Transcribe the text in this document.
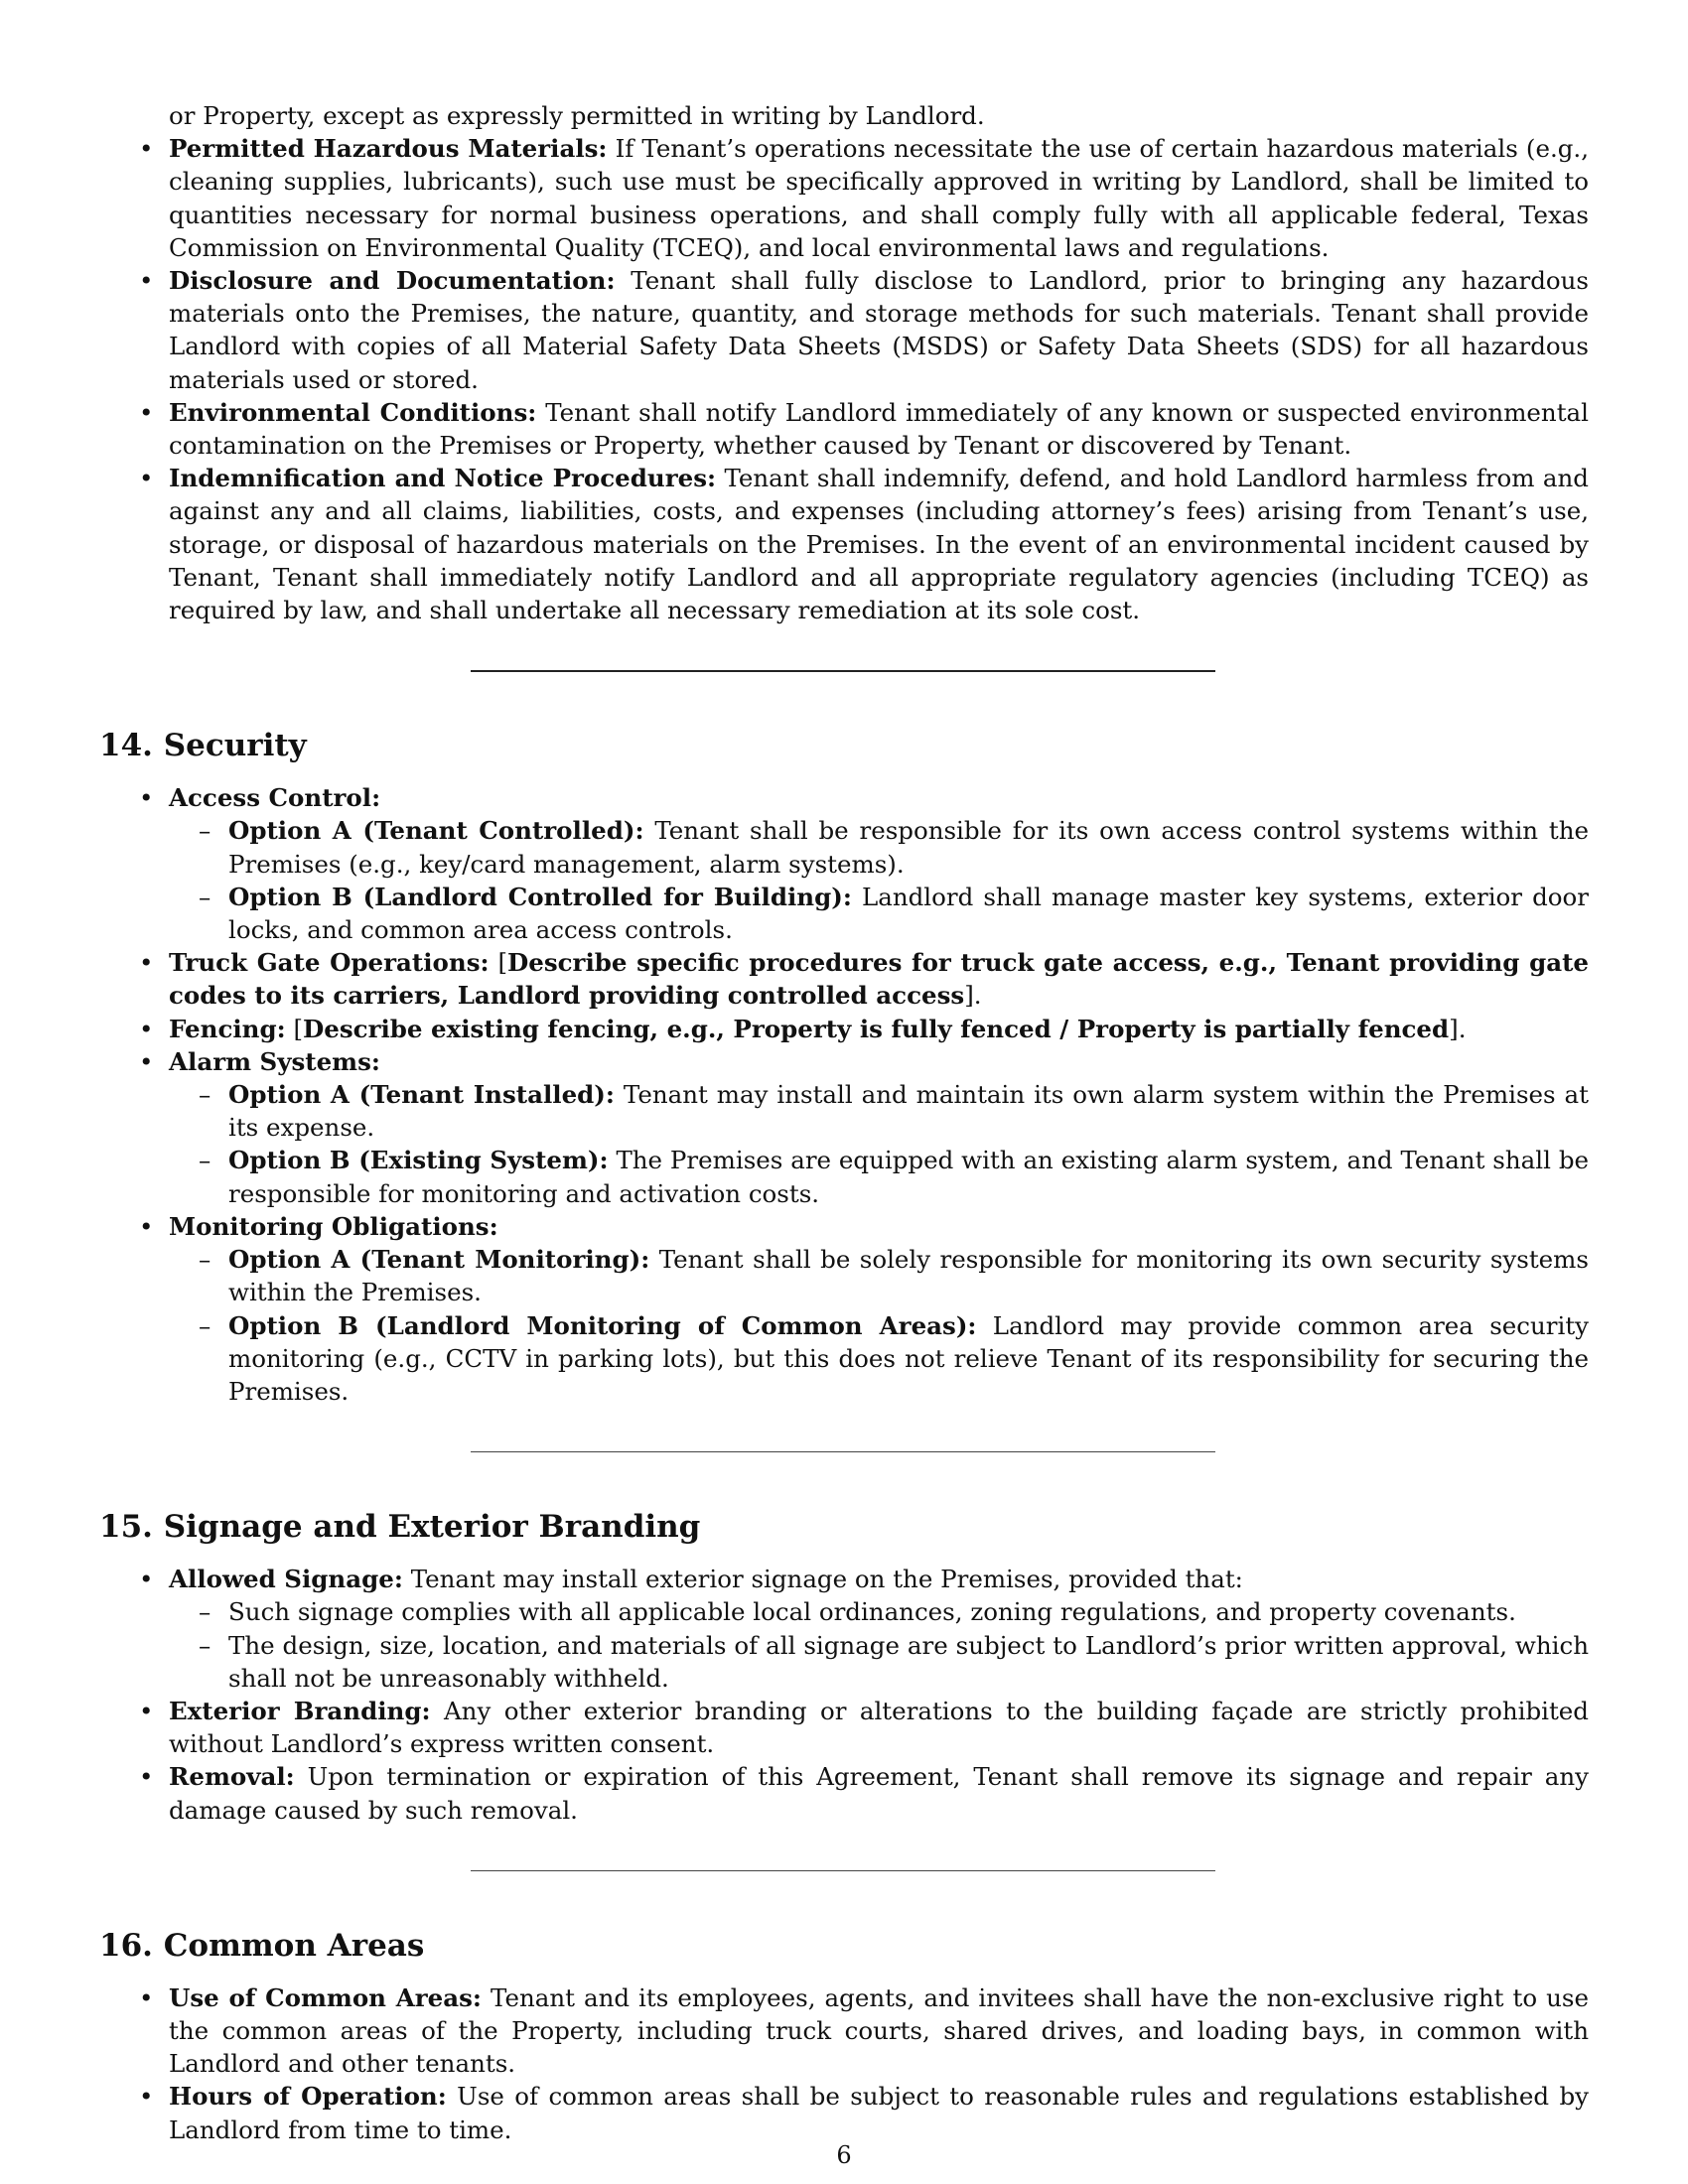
or Property, except as expressly permitted in writing by Landlord.

• Permitted Hazardous Materials: If Tenant’s operations necessitate the use of certain hazardous materials (e.g., cleaning supplies, lubricants), such use must be specifically approved in writing by Landlord, shall be limited to quantities necessary for normal business operations, and shall comply fully with all applicable federal, Texas Commission on Environmental Quality (TCEQ), and local environmental laws and regulations.
• Disclosure and Documentation: Tenant shall fully disclose to Landlord, prior to bringing any hazardous materials onto the Premises, the nature, quantity, and storage methods for such materials. Tenant shall provide Landlord with copies of all Material Safety Data Sheets (MSDS) or Safety Data Sheets (SDS) for all hazardous materials used or stored.
• Environmental Conditions: Tenant shall notify Landlord immediately of any known or suspected environmental contamination on the Premises or Property, whether caused by Tenant or discovered by Tenant.
• Indemnification and Notice Procedures: Tenant shall indemnify, defend, and hold Landlord harmless from and against any and all claims, liabilities, costs, and expenses (including attorney’s fees) arising from Tenant’s use, storage, or disposal of hazardous materials on the Premises. In the event of an environmental incident caused by Tenant, Tenant shall immediately notify Landlord and all appropriate regulatory agencies (including TCEQ) as required by law, and shall undertake all necessary remediation at its sole cost.
14. Security
• Access Control:
– Option A (Tenant Controlled): Tenant shall be responsible for its own access control systems within the Premises (e.g., key/card management, alarm systems).
– Option B (Landlord Controlled for Building): Landlord shall manage master key systems, exterior door locks, and common area access controls.
• Truck Gate Operations: [Describe specific procedures for truck gate access, e.g., Tenant providing gate codes to its carriers, Landlord providing controlled access].
• Fencing: [Describe existing fencing, e.g., Property is fully fenced / Property is partially fenced].
• Alarm Systems:
– Option A (Tenant Installed): Tenant may install and maintain its own alarm system within the Premises at its expense.
– Option B (Existing System): The Premises are equipped with an existing alarm system, and Tenant shall be responsible for monitoring and activation costs.
• Monitoring Obligations:
– Option A (Tenant Monitoring): Tenant shall be solely responsible for monitoring its own security systems within the Premises.
– Option B (Landlord Monitoring of Common Areas): Landlord may provide common area security monitoring (e.g., CCTV in parking lots), but this does not relieve Tenant of its responsibility for securing the Premises.
15. Signage and Exterior Branding
• Allowed Signage: Tenant may install exterior signage on the Premises, provided that:
– Such signage complies with all applicable local ordinances, zoning regulations, and property covenants.
– The design, size, location, and materials of all signage are subject to Landlord’s prior written approval, which shall not be unreasonably withheld.
• Exterior Branding: Any other exterior branding or alterations to the building façade are strictly prohibited without Landlord’s express written consent.
• Removal: Upon termination or expiration of this Agreement, Tenant shall remove its signage and repair any damage caused by such removal.
16. Common Areas
• Use of Common Areas: Tenant and its employees, agents, and invitees shall have the non-exclusive right to use the common areas of the Property, including truck courts, shared drives, and loading bays, in common with Landlord and other tenants.
• Hours of Operation: Use of common areas shall be subject to reasonable rules and regulations established by Landlord from time to time.
6
